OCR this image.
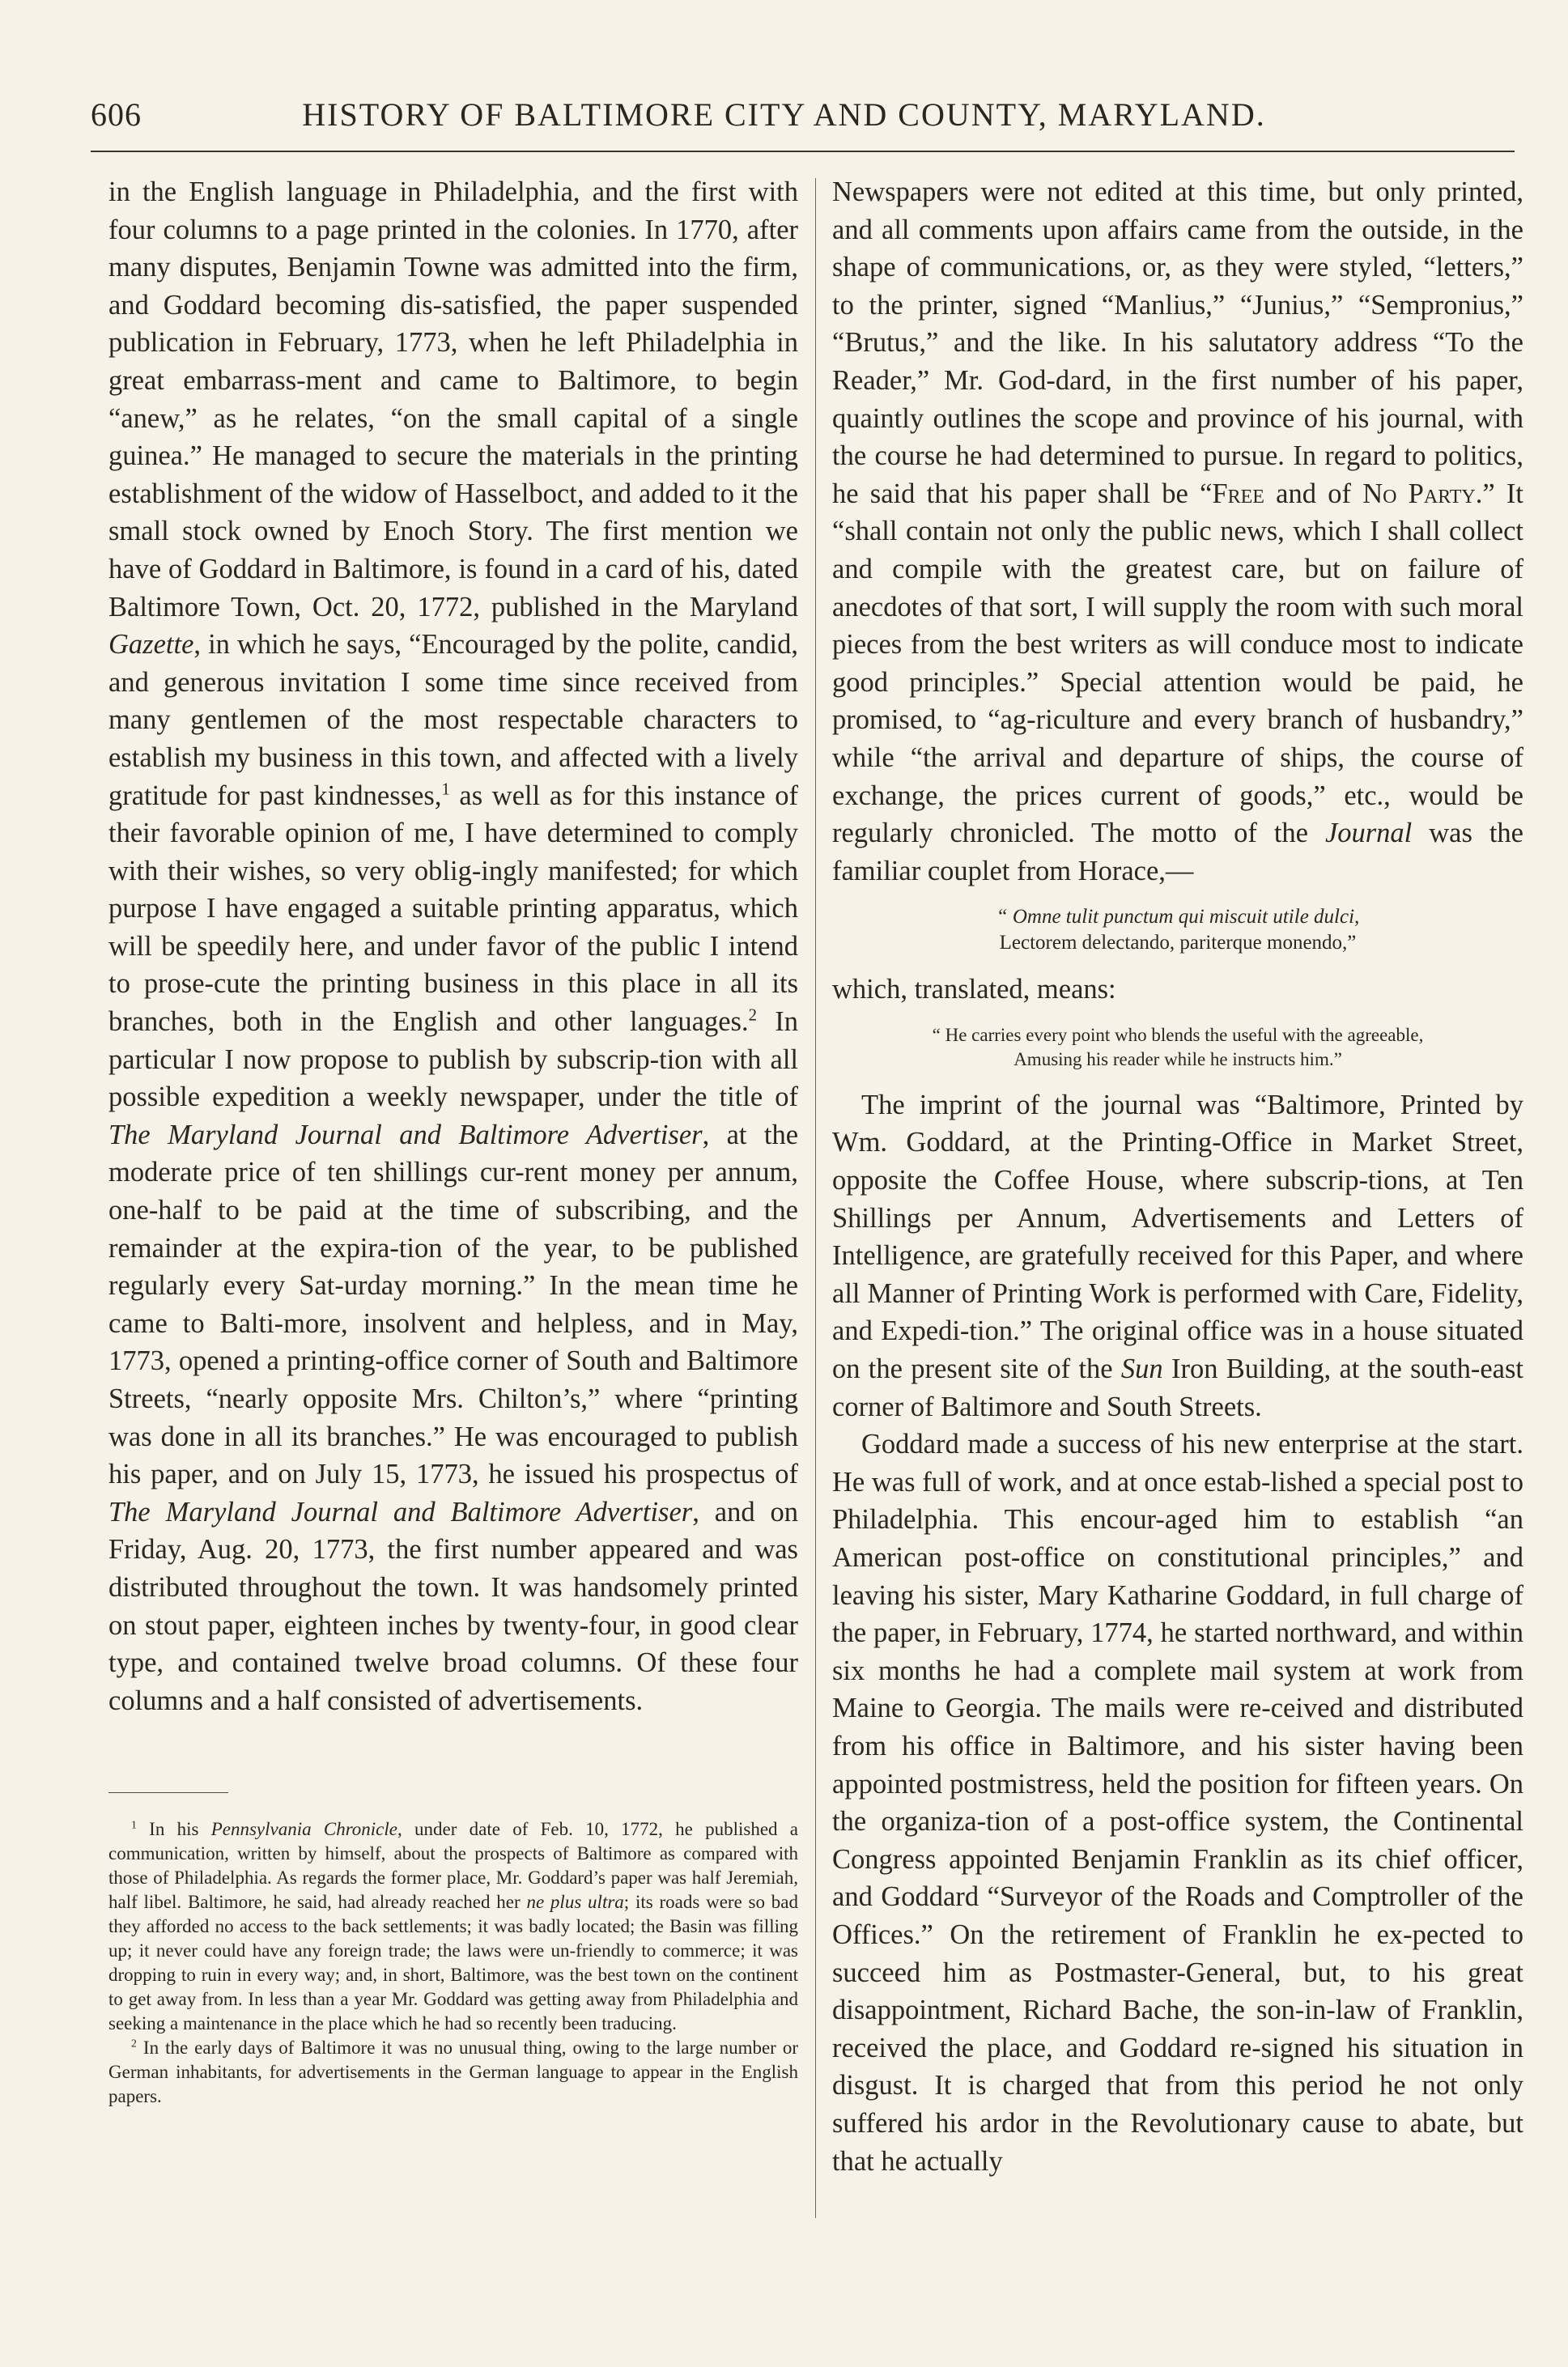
606	HISTORY OF BALTIMORE CITY AND COUNTY, MARYLAND.

in the English language in Philadelphia, and the first with four columns to a page printed in the colonies. In 1770, after many disputes, Benjamin Towne was admitted into the firm, and Goddard becoming dis-satisfied, the paper suspended publication in February, 1773, when he left Philadelphia in great embarrass-ment and came to Baltimore, to begin “anew,” as he relates, “on the small capital of a single guinea.” He managed to secure the materials in the printing establishment of the widow of Hasselboct, and added to it the small stock owned by Enoch Story. The first mention we have of Goddard in Baltimore, is found in a card of his, dated Baltimore Town, Oct. 20, 1772, published in the Maryland Gazette, in which he says, “Encouraged by the polite, candid, and generous invitation I some time since received from many gentlemen of the most respectable characters to establish my business in this town, and affected with a lively gratitude for past kindnesses,$^1$ as well as for this instance of their favorable opinion of me, I have determined to comply with their wishes, so very oblig-ingly manifested; for which purpose I have engaged a suitable printing apparatus, which will be speedily here, and under favor of the public I intend to prose-cute the printing business in this place in all its branches, both in the English and other languages.$^2$ In particular I now propose to publish by subscrip-tion with all possible expedition a weekly newspaper, under the title of The Maryland Journal and Baltimore Advertiser, at the moderate price of ten shillings cur-rent money per annum, one-half to be paid at the time of subscribing, and the remainder at the expira-tion of the year, to be published regularly every Sat-urday morning.” In the mean time he came to Balti-more, insolvent and helpless, and in May, 1773, opened a printing-office corner of South and Baltimore Streets, “nearly opposite Mrs. Chilton’s,” where “printing was done in all its branches.” He was encouraged to publish his paper, and on July 15, 1773, he issued his prospectus of The Maryland Journal and Baltimore Advertiser, and on Friday, Aug. 20, 1773, the first number appeared and was distributed throughout the town. It was handsomely printed on stout paper, eighteen inches by twenty-four, in good clear type, and contained twelve broad columns. Of these four columns and a half consisted of advertisements.

$^1$ In his Pennsylvania Chronicle, under date of Feb. 10, 1772, he published a communication, written by himself, about the prospects of Baltimore as compared with those of Philadelphia. As regards the former place, Mr. Goddard’s paper was half Jeremiah, half libel. Baltimore, he said, had already reached her ne plus ultra; its roads were so bad they afforded no access to the back settlements; it was badly located; the Basin was filling up; it never could have any foreign trade; the laws were un-friendly to commerce; it was dropping to ruin in every way; and, in short, Baltimore, was the best town on the continent to get away from. In less than a year Mr. Goddard was getting away from Philadelphia and seeking a maintenance in the place which he had so recently been traducing.

$^2$ In the early days of Baltimore it was no unusual thing, owing to the large number or German inhabitants, for advertisements in the German language to appear in the English papers.

Newspapers were not edited at this time, but only printed, and all comments upon affairs came from the outside, in the shape of communications, or, as they were styled, “letters,” to the printer, signed “Manlius,” “Junius,” “Sempronius,” “Brutus,” and the like. In his salutatory address “To the Reader,” Mr. God-dard, in the first number of his paper, quaintly outlines the scope and province of his journal, with the course he had determined to pursue. In regard to politics, he said that his paper shall be “Free and of No Party.” It “shall contain not only the public news, which I shall collect and compile with the greatest care, but on failure of anecdotes of that sort, I will supply the room with such moral pieces from the best writers as will conduce most to indicate good principles.” Special attention would be paid, he promised, to “ag-riculture and every branch of husbandry,” while “the arrival and departure of ships, the course of exchange, the prices current of goods,” etc., would be regularly chronicled. The motto of the Journal was the familiar couplet from Horace,—

“ Omne tulit punctum qui miscuit utile dulci,
Lectorem delectando, pariterque monendo,”

which, translated, means:

“ He carries every point who blends the useful with the agreeable,
Amusing his reader while he instructs him.”

The imprint of the journal was “Baltimore, Printed by Wm. Goddard, at the Printing-Office in Market Street, opposite the Coffee House, where subscrip-tions, at Ten Shillings per Annum, Advertisements and Letters of Intelligence, are gratefully received for this Paper, and where all Manner of Printing Work is performed with Care, Fidelity, and Expedi-tion.” The original office was in a house situated on the present site of the Sun Iron Building, at the south-east corner of Baltimore and South Streets.

Goddard made a success of his new enterprise at the start. He was full of work, and at once estab-lished a special post to Philadelphia. This encour-aged him to establish “an American post-office on constitutional principles,” and leaving his sister, Mary Katharine Goddard, in full charge of the paper, in February, 1774, he started northward, and within six months he had a complete mail system at work from Maine to Georgia. The mails were re-ceived and distributed from his office in Baltimore, and his sister having been appointed postmistress, held the position for fifteen years. On the organiza-tion of a post-office system, the Continental Congress appointed Benjamin Franklin as its chief officer, and Goddard “Surveyor of the Roads and Comptroller of the Offices.” On the retirement of Franklin he ex-pected to succeed him as Postmaster-General, but, to his great disappointment, Richard Bache, the son-in-law of Franklin, received the place, and Goddard re-signed his situation in disgust. It is charged that from this period he not only suffered his ardor in the Revolutionary cause to abate, but that he actually
